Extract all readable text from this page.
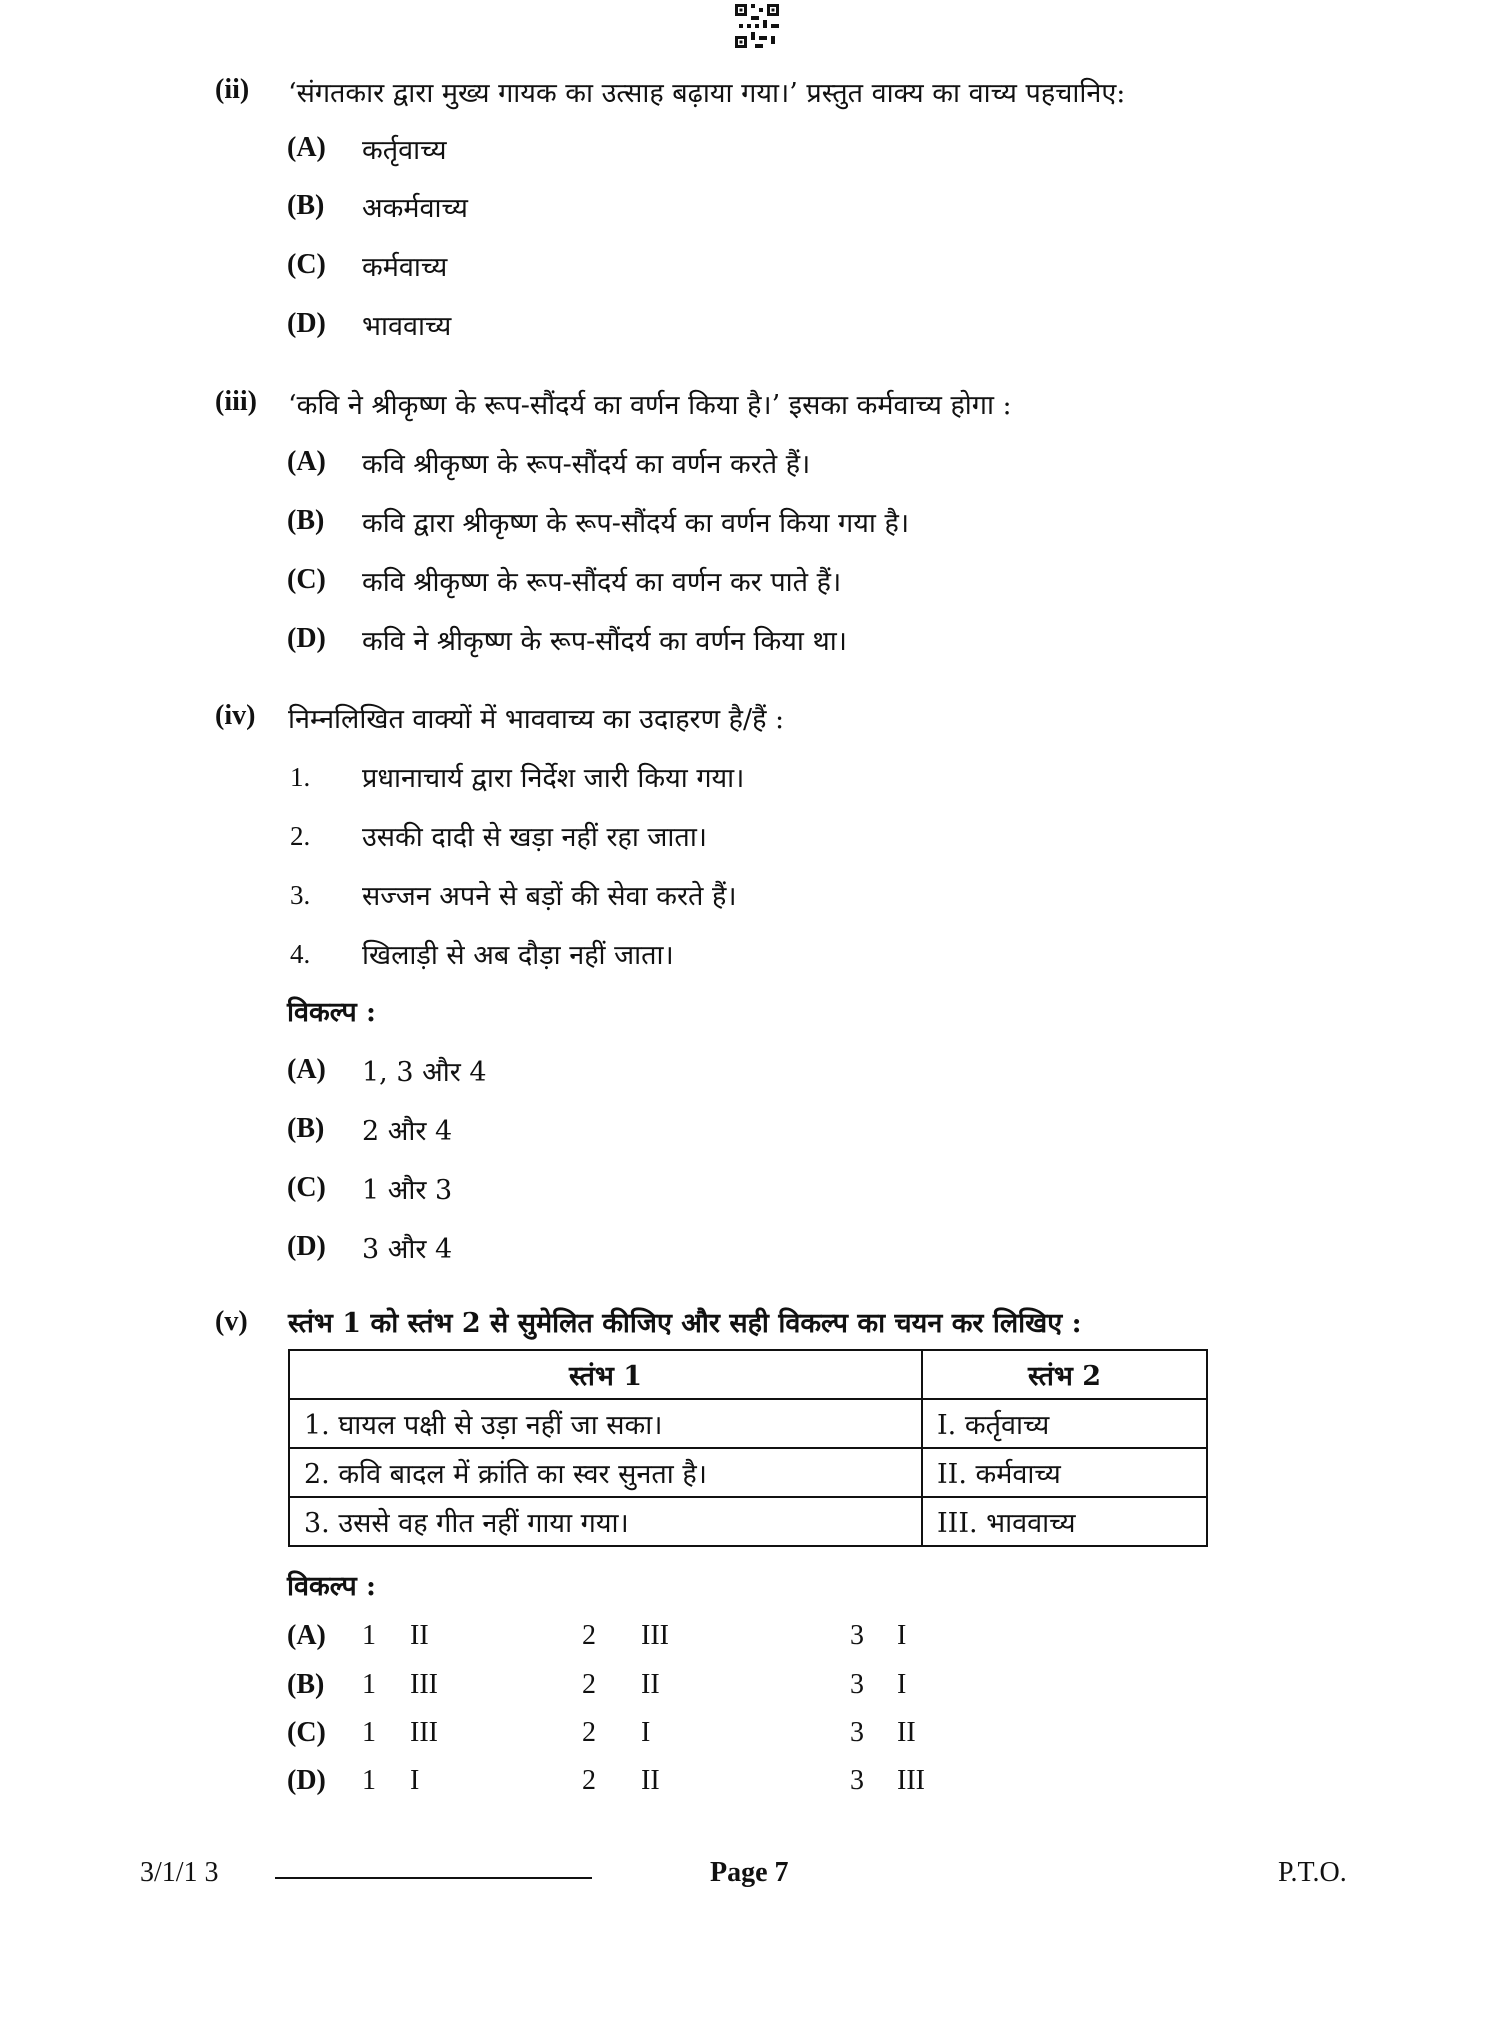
(ii) ‘संगतकार द्वारा मुख्य गायक का उत्साह बढ़ाया गया।’ प्रस्तुत वाक्य का वाच्य पहचानिए:
(A) कर्तृवाच्य
(B) अकर्मवाच्य
(C) कर्मवाच्य
(D) भाववाच्य
(iii) ‘कवि ने श्रीकृष्ण के रूप-सौंदर्य का वर्णन किया है।’ इसका कर्मवाच्य होगा :
(A) कवि श्रीकृष्ण के रूप-सौंदर्य का वर्णन करते हैं।
(B) कवि द्वारा श्रीकृष्ण के रूप-सौंदर्य का वर्णन किया गया है।
(C) कवि श्रीकृष्ण के रूप-सौंदर्य का वर्णन कर पाते हैं।
(D) कवि ने श्रीकृष्ण के रूप-सौंदर्य का वर्णन किया था।
(iv) निम्नलिखित वाक्यों में भाववाच्य का उदाहरण है/हैं :
1. प्रधानाचार्य द्वारा निर्देश जारी किया गया।
2. उसकी दादी से खड़ा नहीं रहा जाता।
3. सज्जन अपने से बड़ों की सेवा करते हैं।
4. खिलाड़ी से अब दौड़ा नहीं जाता।
विकल्प :
(A) 1, 3 और 4
(B) 2 और 4
(C) 1 और 3
(D) 3 और 4
(v) स्तंभ 1 को स्तंभ 2 से सुमेलित कीजिए और सही विकल्प का चयन कर लिखिए :
स्तंभ 1	स्तंभ 2
1. घायल पक्षी से उड़ा नहीं जा सका।	I. कर्तृवाच्य
2. कवि बादल में क्रांति का स्वर सुनता है।	II. कर्मवाच्य
3. उससे वह गीत नहीं गाया गया।	III. भाववाच्य
विकल्प :
(A) 1 II	2 III	3 I
(B) 1 III	2 II	3 I
(C) 1 III	2 I	3 II
(D) 1 I	2 II	3 III
3/1/1 3	Page 7	P.T.O.
